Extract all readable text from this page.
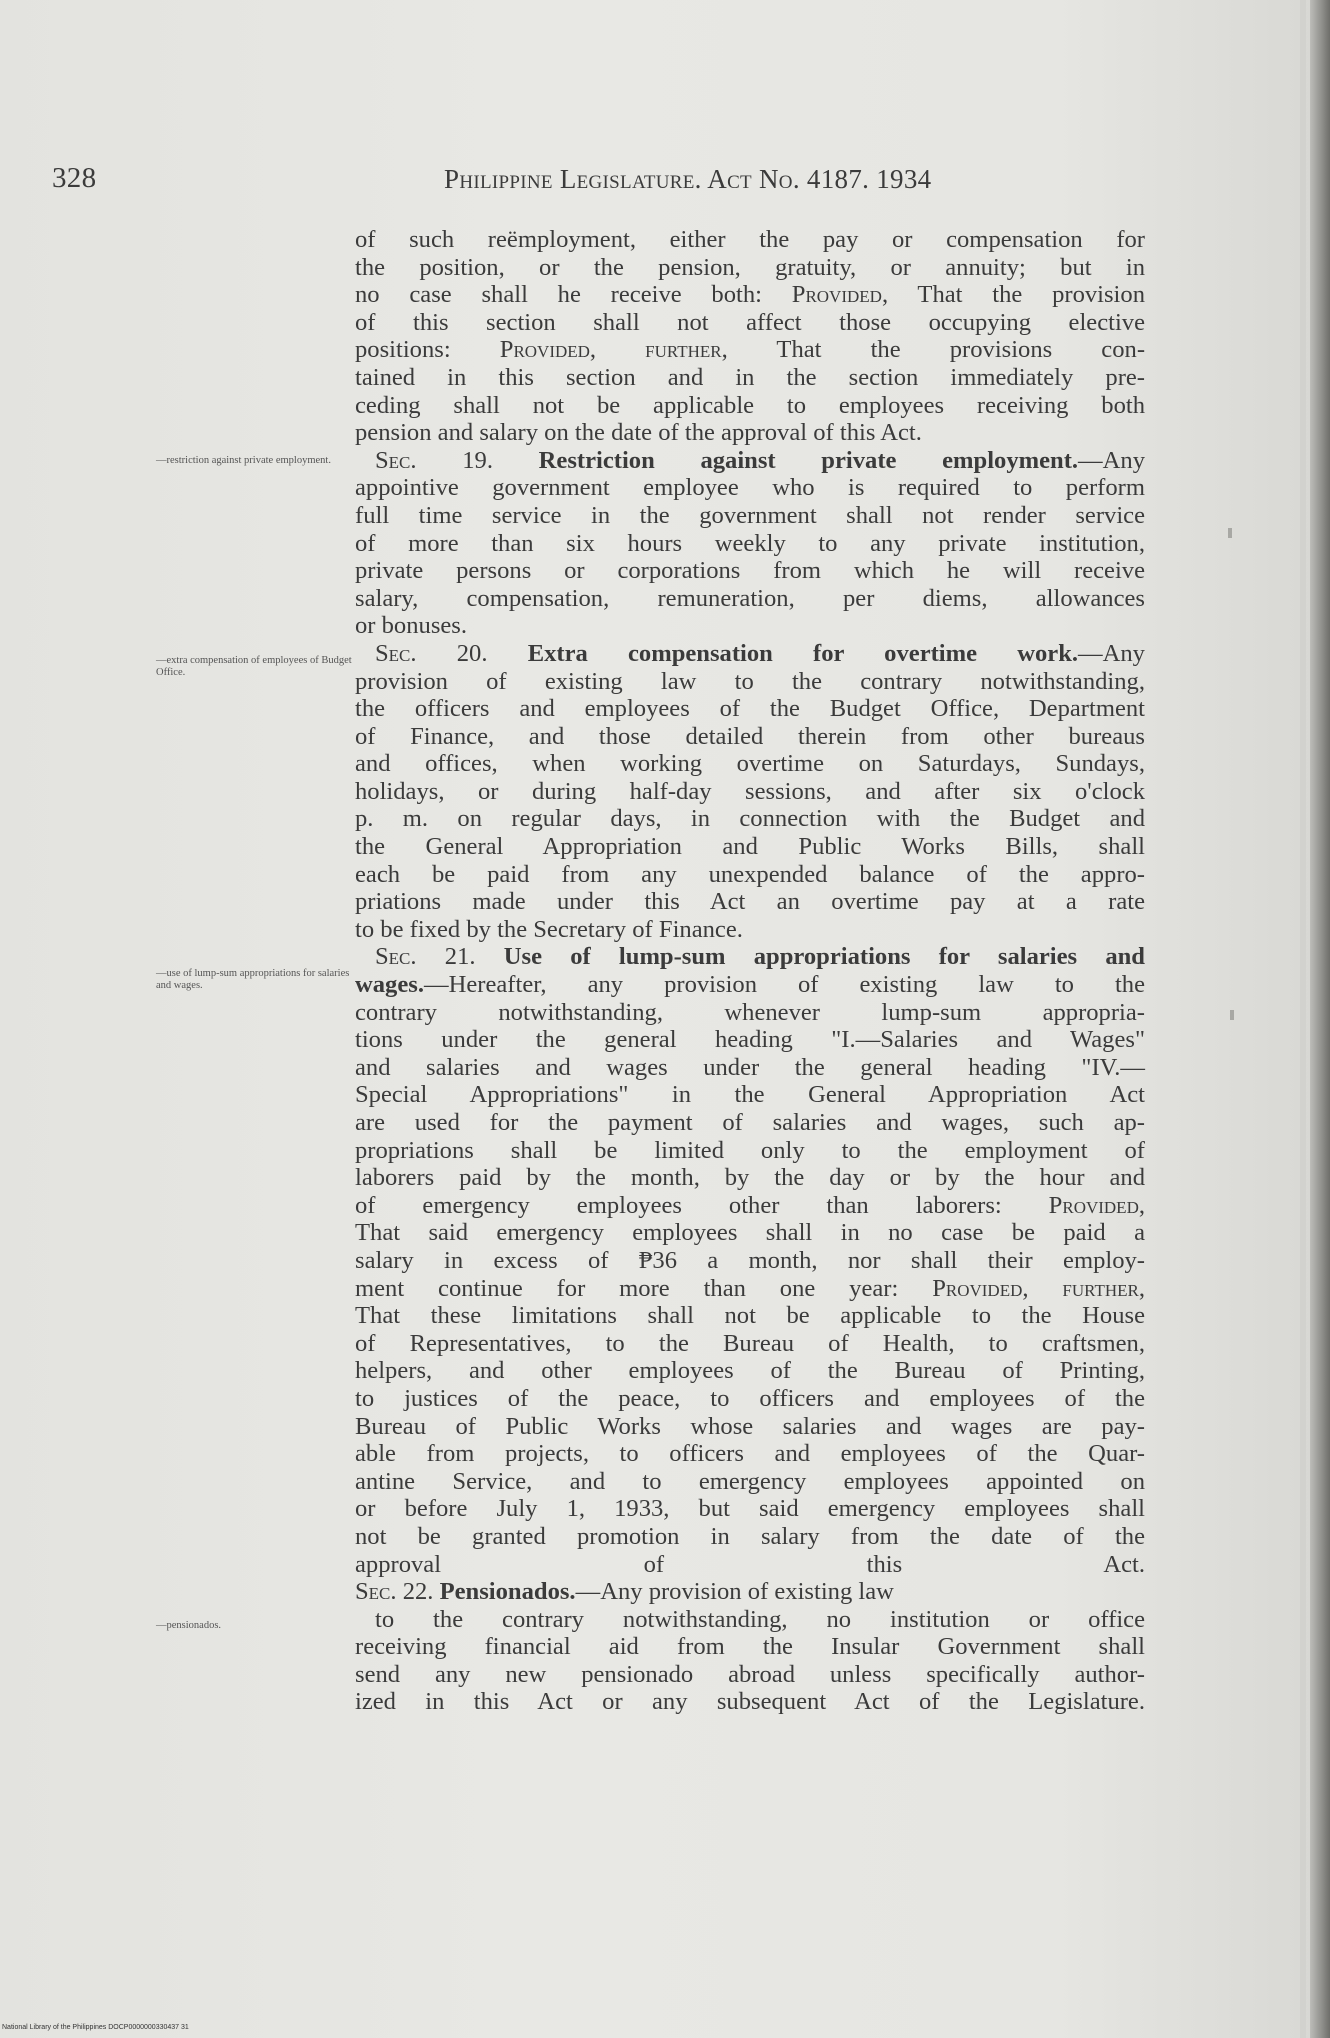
328	Philippine Legislature. Act No. 4187. 1934
—restriction against private employment.
—extra compensation of employees of Budget Office.
—use of lump-sum appropriations for salaries and wages.
—pensionados.
of such reëmployment, either the pay or compensation for
the position, or the pension, gratuity, or annuity; but in
no case shall he receive both: Provided, That the provision
of this section shall not affect those occupying elective
positions: Provided, further, That the provisions con-
tained in this section and in the section immediately pre-
ceding shall not be applicable to employees receiving both
pension and salary on the date of the approval of this Act.
Sec. 19. Restriction against private employment.—Any
appointive government employee who is required to perform
full time service in the government shall not render service
of more than six hours weekly to any private institution,
private persons or corporations from which he will receive
salary, compensation, remuneration, per diems, allowances
or bonuses.
Sec. 20. Extra compensation for overtime work.—Any
provision of existing law to the contrary notwithstanding,
the officers and employees of the Budget Office, Department
of Finance, and those detailed therein from other bureaus
and offices, when working overtime on Saturdays, Sundays,
holidays, or during half-day sessions, and after six o'clock
p. m. on regular days, in connection with the Budget and
the General Appropriation and Public Works Bills, shall
each be paid from any unexpended balance of the appro-
priations made under this Act an overtime pay at a rate
to be fixed by the Secretary of Finance.
Sec. 21. Use of lump-sum appropriations for salaries and
wages.—Hereafter, any provision of existing law to the
contrary notwithstanding, whenever lump-sum appropria-
tions under the general heading "I.—Salaries and Wages"
and salaries and wages under the general heading "IV.—
Special Appropriations" in the General Appropriation Act
are used for the payment of salaries and wages, such ap-
propriations shall be limited only to the employment of
laborers paid by the month, by the day or by the hour and
of emergency employees other than laborers: Provided,
That said emergency employees shall in no case be paid a
salary in excess of ₱36 a month, nor shall their employ-
ment continue for more than one year: Provided, further,
That these limitations shall not be applicable to the House
of Representatives, to the Bureau of Health, to craftsmen,
helpers, and other employees of the Bureau of Printing,
to justices of the peace, to officers and employees of the
Bureau of Public Works whose salaries and wages are pay-
able from projects, to officers and employees of the Quar-
antine Service, and to emergency employees appointed on
or before July 1, 1933, but said emergency employees shall
not be granted promotion in salary from the date of the
approval of this Act.
Sec. 22. Pensionados.—Any provision of existing law
to the contrary notwithstanding, no institution or office
receiving financial aid from the Insular Government shall
send any new pensionado abroad unless specifically author-
ized in this Act or any subsequent Act of the Legislature.
National Library of the Philippines DOCP0000000330437 31
